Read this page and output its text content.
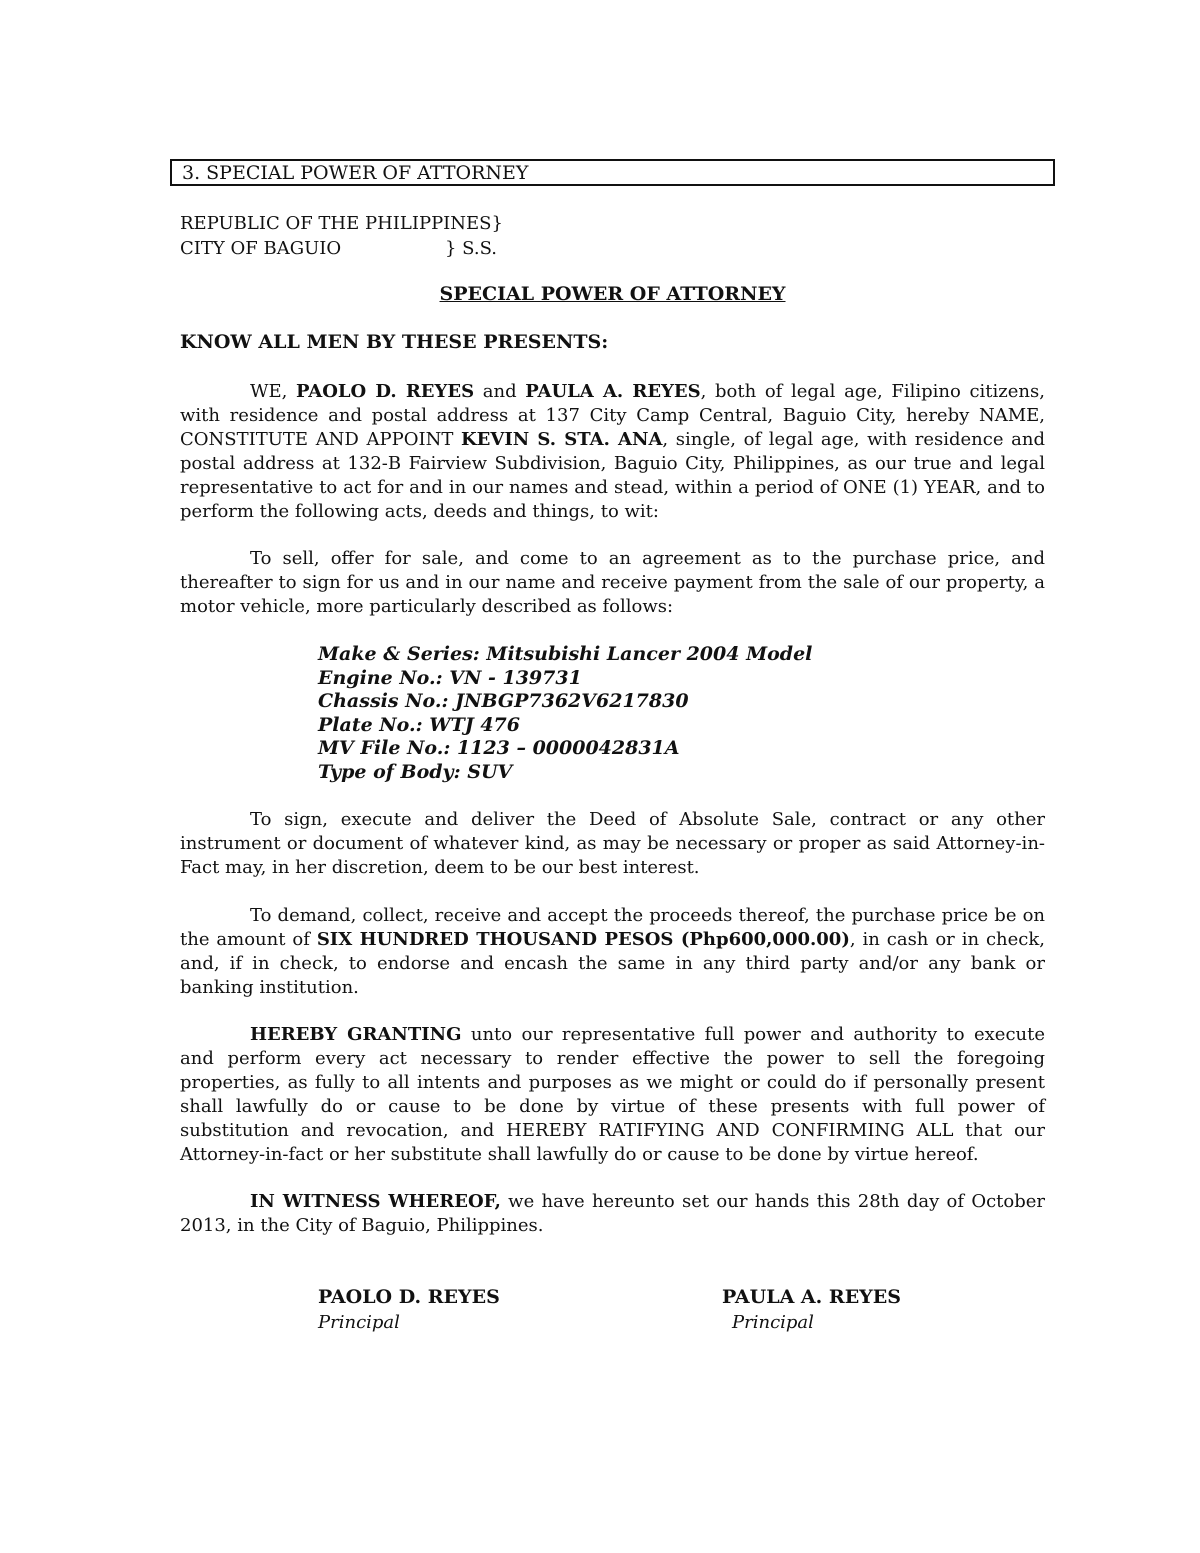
3. SPECIAL POWER OF ATTORNEY
REPUBLIC OF THE PHILIPPINES}
CITY OF BAGUIO	} S.S.
SPECIAL POWER OF ATTORNEY
KNOW ALL MEN BY THESE PRESENTS:
WE, PAOLO D. REYES and PAULA A. REYES, both of legal age, Filipino citizens, with residence and postal address at 137 City Camp Central, Baguio City, hereby NAME, CONSTITUTE AND APPOINT KEVIN S. STA. ANA, single, of legal age, with residence and postal address at 132-B Fairview Subdivision, Baguio City, Philippines, as our true and legal representative to act for and in our names and stead, within a period of ONE (1) YEAR, and to perform the following acts, deeds and things, to wit:
To sell, offer for sale, and come to an agreement as to the purchase price, and thereafter to sign for us and in our name and receive payment from the sale of our property, a motor vehicle, more particularly described as follows:
Make & Series: Mitsubishi Lancer 2004 Model
Engine No.: VN - 139731
Chassis No.: JNBGP7362V6217830
Plate No.: WTJ 476
MV File No.: 1123 – 0000042831A
Type of Body: SUV
To sign, execute and deliver the Deed of Absolute Sale, contract or any other instrument or document of whatever kind, as may be necessary or proper as said Attorney-in-Fact may, in her discretion, deem to be our best interest.
To demand, collect, receive and accept the proceeds thereof, the purchase price be on the amount of SIX HUNDRED THOUSAND PESOS (Php600,000.00), in cash or in check, and, if in check, to endorse and encash the same in any third party and/or any bank or banking institution.
HEREBY GRANTING unto our representative full power and authority to execute and perform every act necessary to render effective the power to sell the foregoing properties, as fully to all intents and purposes as we might or could do if personally present shall lawfully do or cause to be done by virtue of these presents with full power of substitution and revocation, and HEREBY RATIFYING AND CONFIRMING ALL that our Attorney-in-fact or her substitute shall lawfully do or cause to be done by virtue hereof.
IN WITNESS WHEREOF, we have hereunto set our hands this 28th day of October 2013, in the City of Baguio, Philippines.
PAOLO D. REYES
Principal
PAULA A. REYES
Principal
